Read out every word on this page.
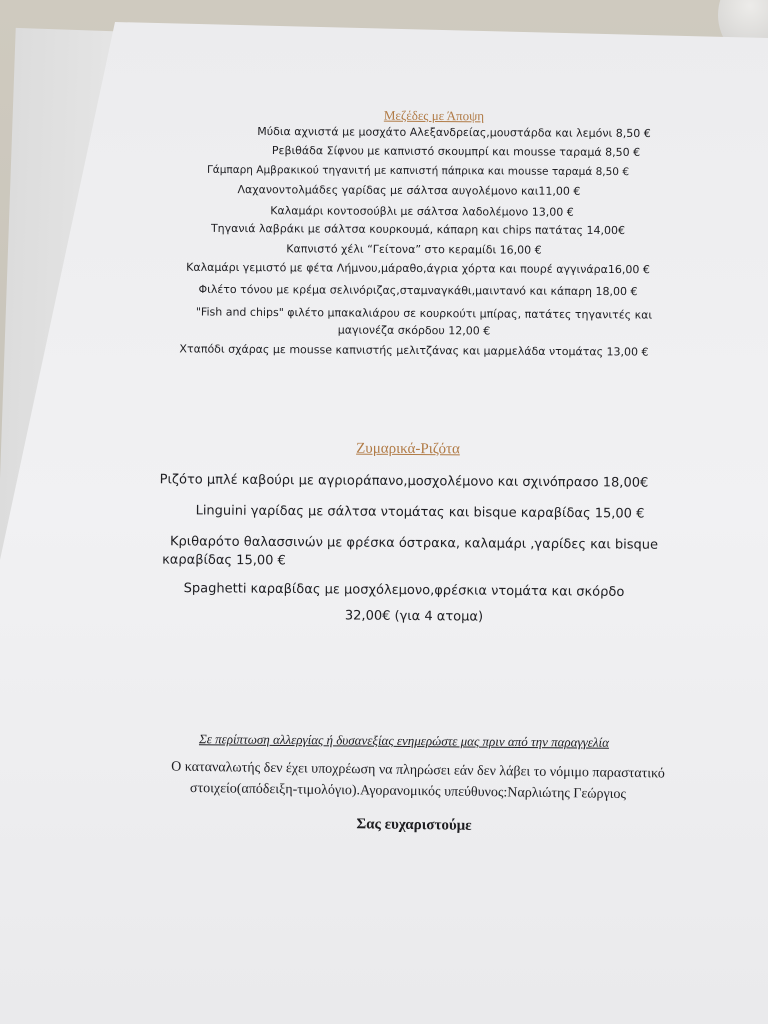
Μεζέδες με Άποψη
Μύδια αχνιστά με μοσχάτο Αλεξανδρείας,μουστάρδα και λεμόνι 8,50 €
Ρεβιθάδα Σίφνου με καπνιστό σκουμπρί και mousse ταραμά 8,50 €
Γάμπαρη Αμβρακικού τηγανιτή με καπνιστή πάπρικα και mousse ταραμά 8,50 €
Λαχανοντολμάδες γαρίδας με σάλτσα αυγολέμονο και11,00 €
Καλαμάρι κοντοσούβλι με σάλτσα λαδολέμονο 13,00 €
Τηγανιά λαβράκι με σάλτσα κουρκουμά, κάπαρη και chips πατάτας 14,00€
Καπνιστό χέλι “Γείτονα” στο κεραμίδι 16,00 €
Καλαμάρι γεμιστό με φέτα Λήμνου,μάραθο,άγρια χόρτα και πουρέ αγγινάρα16,00 €
Φιλέτο τόνου με κρέμα σελινόριζας,σταμναγκάθι,μαιντανό και κάπαρη 18,00 €
"Fish and chips" φιλέτο μπακαλιάρου σε κουρκούτι μπίρας, πατάτες τηγανιτές και
μαγιονέζα σκόρδου 12,00 €
Χταπόδι σχάρας με mousse καπνιστής μελιτζάνας και μαρμελάδα ντομάτας 13,00 €
Ζυμαρικά-Ριζότα
Ριζότο μπλέ καβούρι με αγριοράπανο,μοσχολέμονο και σχινόπρασο 18,00€
Linguini γαρίδας με σάλτσα ντομάτας και bisque καραβίδας 15,00 €
Κριθαρότο θαλασσινών με φρέσκα όστρακα, καλαμάρι ,γαρίδες και bisque
καραβίδας 15,00 €
Spaghetti καραβίδας με μοσχόλεμονο,φρέσκια ντομάτα και σκόρδο
32,00€ (για 4 ατομα)
Σε περίπτωση αλλεργίας ή δυσανεξίας ενημερώστε μας πριν από την παραγγελία
Ο καταναλωτής δεν έχει υποχρέωση να πληρώσει εάν δεν λάβει το νόμιμο παραστατικό
στοιχείο(απόδειξη-τιμολόγιο).Αγορανομικός υπεύθυνος:Ναρλιώτης Γεώργιος
Σας ευχαριστούμε
